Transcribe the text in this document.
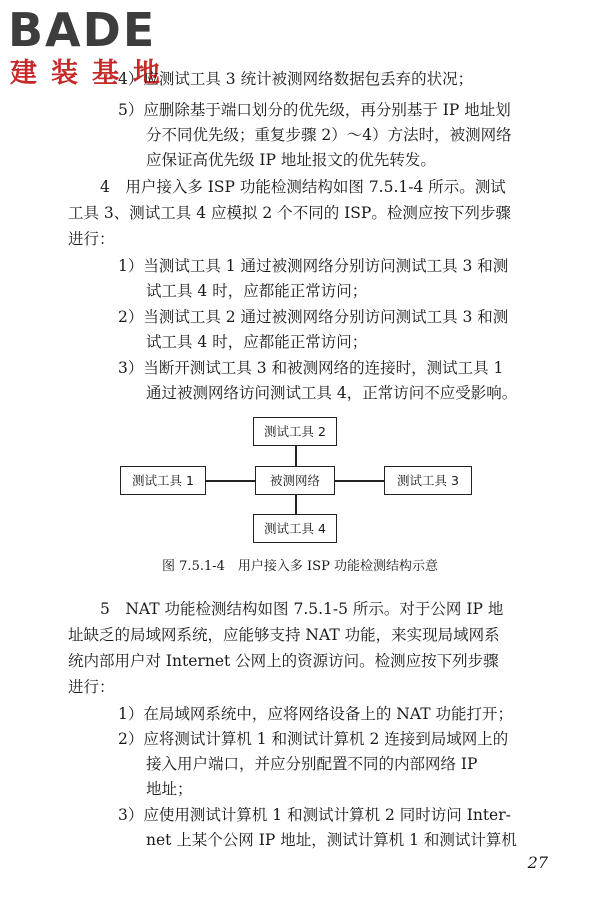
BADE
建装基地
4）应测试工具 3 统计被测网络数据包丢弃的状况；
5）应删除基于端口划分的优先级，再分别基于 IP 地址划
分不同优先级；重复步骤 2）～4）方法时，被测网络
应保证高优先级 IP 地址报文的优先转发。
4　用户接入多 ISP 功能检测结构如图 7.5.1-4 所示。测试
工具 3、测试工具 4 应模拟 2 个不同的 ISP。检测应按下列步骤
进行：
1）当测试工具 1 通过被测网络分别访问测试工具 3 和测
试工具 4 时，应都能正常访问；
2）当测试工具 2 通过被测网络分别访问测试工具 3 和测
试工具 4 时，应都能正常访问；
3）当断开测试工具 3 和被测网络的连接时，测试工具 1
通过被测网络访问测试工具 4，正常访问不应受影响。
测试工具 2
测试工具 1	被测网络	测试工具 3
测试工具 4
图 7.5.1-4　用户接入多 ISP 功能检测结构示意
5　NAT 功能检测结构如图 7.5.1-5 所示。对于公网 IP 地
址缺乏的局域网系统，应能够支持 NAT 功能，来实现局域网系
统内部用户对 Internet 公网上的资源访问。检测应按下列步骤
进行：
1）在局域网系统中，应将网络设备上的 NAT 功能打开；
2）应将测试计算机 1 和测试计算机 2 连接到局域网上的
接入用户端口，并应分别配置不同的内部网络 IP
地址；
3）应使用测试计算机 1 和测试计算机 2 同时访问 Inter-
net 上某个公网 IP 地址，测试计算机 1 和测试计算机
27
